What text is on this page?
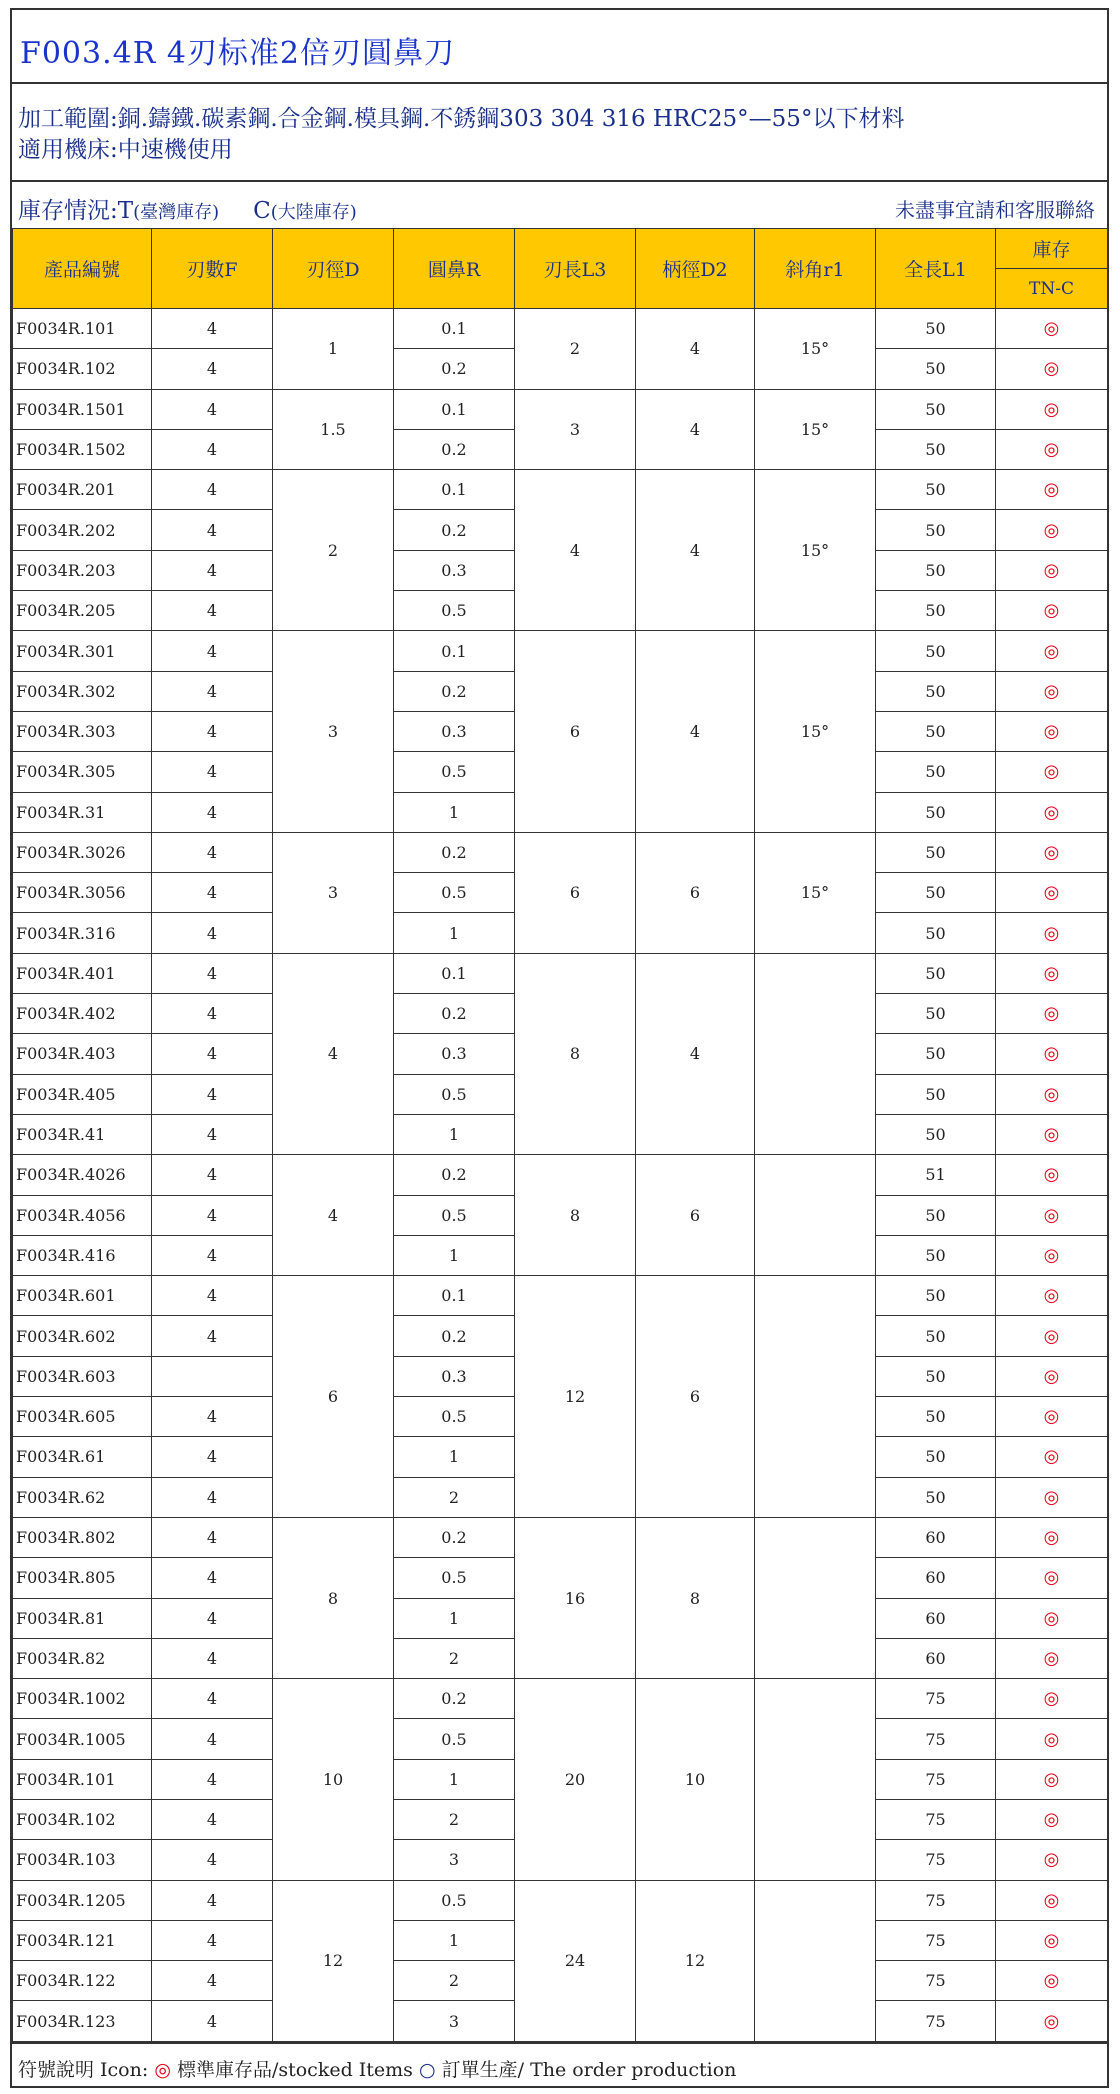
F003.4R 4刃标准2倍刃圓鼻刀
加工範圍:銅.鑄鐵.碳素鋼.合金鋼.模具鋼.不銹鋼303 304 316 HRC25°—55°以下材料
適用機床:中速機使用
庫存情況:T(臺灣庫存) C(大陸庫存)	未盡事宜請和客服聯絡
產品編號	刃數F	刃徑D	圓鼻R	刃長L3	柄徑D2	斜角r1	全長L1	庫存
								TN-C
F0034R.101	4	1	0.1	2	4	15°	50	◎
F0034R.102	4		0.2				50	◎
F0034R.1501	4	1.5	0.1	3	4	15°	50	◎
F0034R.1502	4		0.2				50	◎
F0034R.201	4	2	0.1	4	4	15°	50	◎
F0034R.202	4		0.2				50	◎
F0034R.203	4		0.3				50	◎
F0034R.205	4		0.5				50	◎
F0034R.301	4	3	0.1	6	4	15°	50	◎
F0034R.302	4		0.2				50	◎
F0034R.303	4		0.3				50	◎
F0034R.305	4		0.5				50	◎
F0034R.31	4		1				50	◎
F0034R.3026	4	3	0.2	6	6	15°	50	◎
F0034R.3056	4		0.5				50	◎
F0034R.316	4		1				50	◎
F0034R.401	4	4	0.1	8	4		50	◎
F0034R.402	4		0.2				50	◎
F0034R.403	4		0.3				50	◎
F0034R.405	4		0.5				50	◎
F0034R.41	4		1				50	◎
F0034R.4026	4	4	0.2	8	6		51	◎
F0034R.4056	4		0.5				50	◎
F0034R.416	4		1				50	◎
F0034R.601	4	6	0.1	12	6		50	◎
F0034R.602	4		0.2				50	◎
F0034R.603			0.3				50	◎
F0034R.605	4		0.5				50	◎
F0034R.61	4		1				50	◎
F0034R.62	4		2				50	◎
F0034R.802	4	8	0.2	16	8		60	◎
F0034R.805	4		0.5				60	◎
F0034R.81	4		1				60	◎
F0034R.82	4		2				60	◎
F0034R.1002	4	10	0.2	20	10		75	◎
F0034R.1005	4		0.5				75	◎
F0034R.101	4		1				75	◎
F0034R.102	4		2				75	◎
F0034R.103	4		3				75	◎
F0034R.1205	4	12	0.5	24	12		75	◎
F0034R.121	4		1				75	◎
F0034R.122	4		2				75	◎
F0034R.123	4		3				75	◎
符號說明 Icon: ◎ 標準庫存品/stocked Items ○ 訂單生產/ The order production
